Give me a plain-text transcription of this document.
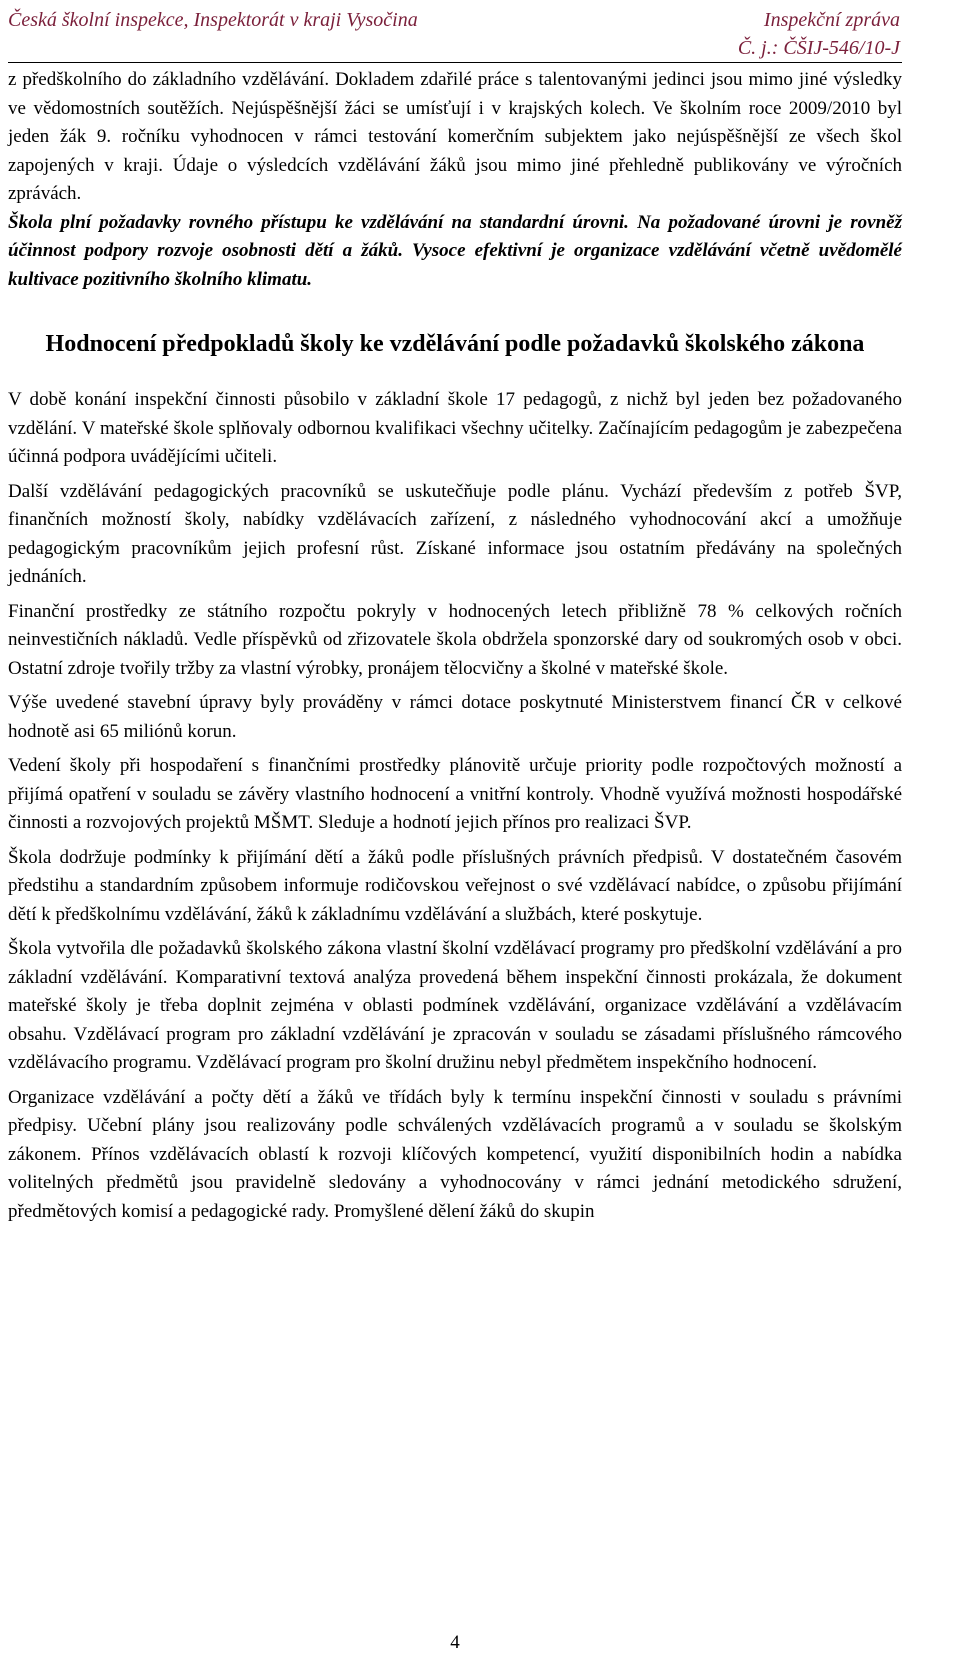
Česká školní inspekce, Inspektorát v kraji Vysočina	Inspekční zpráva
Č. j.: ČŠIJ-546/10-J

z předškolního do základního vzdělávání. Dokladem zdařilé práce s talentovanými jedinci jsou mimo jiné výsledky ve vědomostních soutěžích. Nejúspěšnější žáci se umísťují i v krajských kolech. Ve školním roce 2009/2010 byl jeden žák 9. ročníku vyhodnocen v rámci testování komerčním subjektem jako nejúspěšnější ze všech škol zapojených v kraji. Údaje o výsledcích vzdělávání žáků jsou mimo jiné přehledně publikovány ve výročních zprávách.

Škola plní požadavky rovného přístupu ke vzdělávání na standardní úrovni. Na požadované úrovni je rovněž účinnost podpory rozvoje osobnosti dětí a žáků. Vysoce efektivní je organizace vzdělávání včetně uvědomělé kultivace pozitivního školního klimatu.

Hodnocení předpokladů školy ke vzdělávání podle požadavků školského zákona

V době konání inspekční činnosti působilo v základní škole 17 pedagogů, z nichž byl jeden bez požadovaného vzdělání. V mateřské škole splňovaly odbornou kvalifikaci všechny učitelky. Začínajícím pedagogům je zabezpečena účinná podpora uvádějícími učiteli.

Další vzdělávání pedagogických pracovníků se uskutečňuje podle plánu. Vychází především z potřeb ŠVP, finančních možností školy, nabídky vzdělávacích zařízení, z následného vyhodnocování akcí a umožňuje pedagogickým pracovníkům jejich profesní růst. Získané informace jsou ostatním předávány na společných jednáních.

Finanční prostředky ze státního rozpočtu pokryly v hodnocených letech přibližně 78 % celkových ročních neinvestičních nákladů. Vedle příspěvků od zřizovatele škola obdržela sponzorské dary od soukromých osob v obci. Ostatní zdroje tvořily tržby za vlastní výrobky, pronájem tělocvičny a školné v mateřské škole.

Výše uvedené stavební úpravy byly prováděny v rámci dotace poskytnuté Ministerstvem financí ČR v celkové hodnotě asi 65 miliónů korun.

Vedení školy při hospodaření s finančními prostředky plánovitě určuje priority podle rozpočtových možností a přijímá opatření v souladu se závěry vlastního hodnocení a vnitřní kontroly. Vhodně využívá možnosti hospodářské činnosti a rozvojových projektů MŠMT. Sleduje a hodnotí jejich přínos pro realizaci ŠVP.

Škola dodržuje podmínky k přijímání dětí a žáků podle příslušných právních předpisů. V dostatečném časovém předstihu a standardním způsobem informuje rodičovskou veřejnost o své vzdělávací nabídce, o způsobu přijímání dětí k předškolnímu vzdělávání, žáků k základnímu vzdělávání a službách, které poskytuje.

Škola vytvořila dle požadavků školského zákona vlastní školní vzdělávací programy pro předškolní vzdělávání a pro základní vzdělávání. Komparativní textová analýza provedená během inspekční činnosti prokázala, že dokument mateřské školy je třeba doplnit zejména v oblasti podmínek vzdělávání, organizace vzdělávání a vzdělávacím obsahu. Vzdělávací program pro základní vzdělávání je zpracován v souladu se zásadami příslušného rámcového vzdělávacího programu. Vzdělávací program pro školní družinu nebyl předmětem inspekčního hodnocení.

Organizace vzdělávání a počty dětí a žáků ve třídách byly k termínu inspekční činnosti v souladu s právními předpisy. Učební plány jsou realizovány podle schválených vzdělávacích programů a v souladu se školským zákonem. Přínos vzdělávacích oblastí k rozvoji klíčových kompetencí, využití disponibilních hodin a nabídka volitelných předmětů jsou pravidelně sledovány a vyhodnocovány v rámci jednání metodického sdružení, předmětových komisí a pedagogické rady. Promyšlené dělení žáků do skupin

4
